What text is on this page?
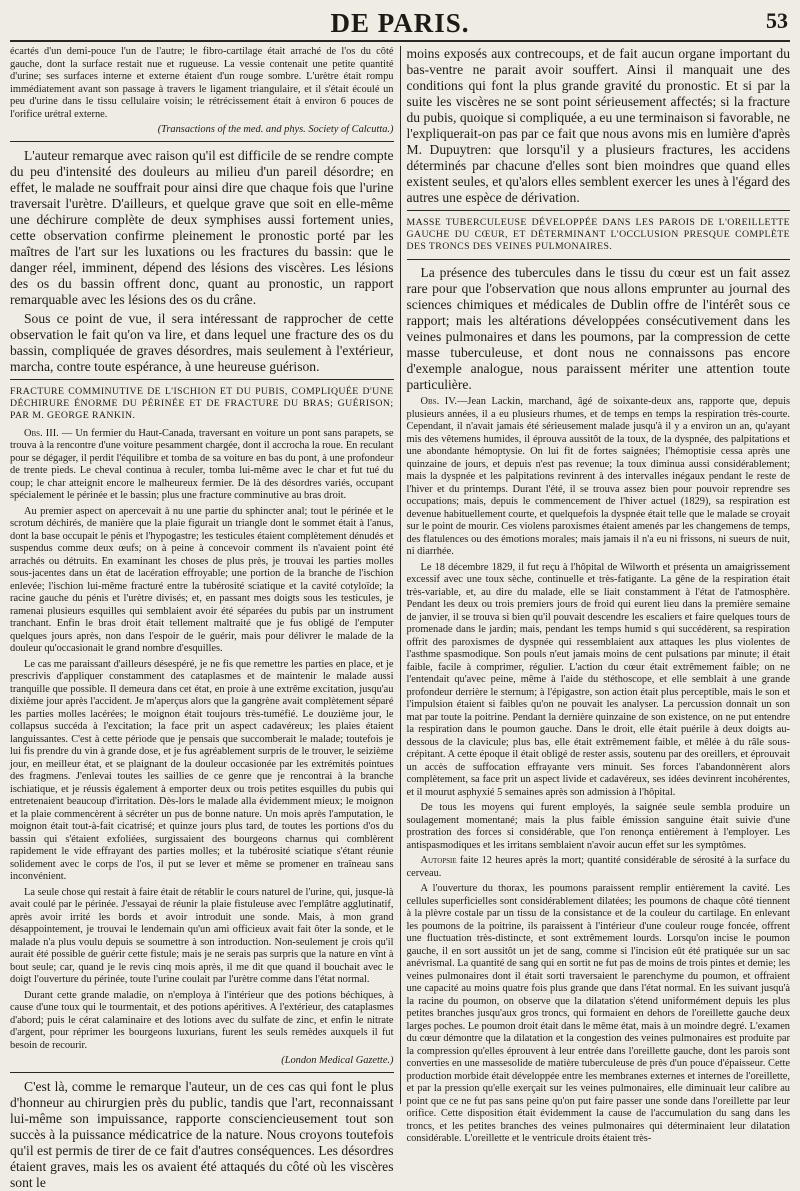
DE PARIS.	53

écartés d'un demi-pouce l'un de l'autre; le fibro-cartilage était arraché de l'os du côté gauche, dont la surface restait nue et rugueuse. La vessie contenait une petite quantité d'urine; ses surfaces interne et externe étaient d'un rouge sombre. L'urètre était rompu immédiatement avant son passage à travers le ligament triangulaire, et il s'était écoulé un peu d'urine dans le tissu cellulaire voisin; le rétrécissement était à environ 6 pouces de l'orifice urétral externe.

(Transactions of the med. and phys. Society of Calcutta.)

L'auteur remarque avec raison qu'il est difficile de se rendre compte du peu d'intensité des douleurs au milieu d'un pareil désordre; en effet, le malade ne souffrait pour ainsi dire que chaque fois que l'urine traversait l'urètre. D'ailleurs, et quelque grave que soit en elle-même une déchirure complète de deux symphises aussi fortement unies, cette observation confirme pleinement le pronostic porté par les maîtres de l'art sur les luxations ou les fractures du bassin: que le danger réel, imminent, dépend des lésions des viscères. Les lésions des os du bassin offrent donc, quant au pronostic, un rapport remarquable avec les lésions des os du crâne.

Sous ce point de vue, il sera intéressant de rapprocher de cette observation le fait qu'on va lire, et dans lequel une fracture des os du bassin, compliquée de graves désordres, mais seulement à l'extérieur, marcha, contre toute espérance, à une heureuse guérison.

FRACTURE COMMINUTIVE DE L'ISCHION ET DU PUBIS, COMPLIQUÉE D'UNE DÉCHIRURE ÉNORME DU PÉRINÉE ET DE FRACTURE DU BRAS; GUÉRISON; PAR M. GEORGE RANKIN.

Obs. III. — Un fermier du Haut-Canada, traversant en voiture un pont sans parapets, se trouva à la rencontre d'une voiture pesamment chargée, dont il accrocha la roue. En reculant pour se dégager, il perdit l'équilibre et tomba de sa voiture en bas du pont, à une profondeur de trente pieds. Le cheval continua à reculer, tomba lui-même avec le char et fut tué du coup; le char atteignit encore le malheureux fermier. De là des désordres variés, occupant spécialement le périnée et le bassin; plus une fracture comminutive au bras droit.

Au premier aspect on apercevait à nu une partie du sphincter anal; tout le périnée et le scrotum déchirés, de manière que la plaie figurait un triangle dont le sommet était à l'anus, dont la base occupait le pénis et l'hypogastre; les testicules étaient complètement dénudés et suspendus comme deux œufs; on à peine à concevoir comment ils n'avaient point été arrachés ou détruits. En examinant les choses de plus près, je trouvai les parties molles sous-jacentes dans un état de lacération effroyable; une portion de la branche de l'ischion enlevée; l'ischion lui-même fracturé entre la tubérosité sciatique et la cavité cotyloïde; la racine gauche du pénis et l'urètre divisés; et, en passant mes doigts sous les testicules, je ramenai plusieurs esquilles qui semblaient avoir été séparées du pubis par un instrument tranchant. Enfin le bras droit était tellement maltraité que je fus obligé de l'emputer quelques jours après, non dans l'espoir de le guérir, mais pour délivrer le malade de la douleur qu'occasionait le grand nombre d'esquilles.

Le cas me paraissant d'ailleurs désespéré, je ne fis que remettre les parties en place, et je prescrivis d'appliquer constamment des cataplasmes et de maintenir le malade aussi tranquille que possible. Il demeura dans cet état, en proie à une extrême excitation, jusqu'au dixième jour après l'accident. Je m'aperçus alors que la gangrène avait complètement séparé les parties molles lacérées; le moignon était toujours très-tuméfié. Le douzième jour, le collapsus succéda à l'excitation; la face prit un aspect cadavéreux; les plaies étaient languissantes. C'est à cette période que je pensais que succomberait le malade; toutefois je lui fis prendre du vin à grande dose, et je fus agréablement surpris de le trouver, le seizième jour, en meilleur état, et se plaignant de la douleur occasionée par les extrémités pointues des fragmens. J'enlevai toutes les saillies de ce genre que je rencontrai à la branche ischiatique, et je réussis également à emporter deux ou trois petites esquilles du pubis qui entretenaient beaucoup d'irritation. Dès-lors le malade alla évidemment mieux; le moignon et la plaie commencèrent à sécréter un pus de bonne nature. Un mois après l'amputation, le moignon était tout-à-fait cicatrisé; et quinze jours plus tard, de toutes les portions d'os du bassin qui s'étaient exfoliées, surgissaient des bourgeons charnus qui comblèrent rapidement le vide effrayant des parties molles; et la tubérosité sciatique s'étant réunie solidement avec le corps de l'os, il put se lever et même se promener en traîneau sans inconvénient.

La seule chose qui restait à faire était de rétablir le cours naturel de l'urine, qui, jusque-là avait coulé par le périnée. J'essayai de réunir la plaie fistuleuse avec l'emplâtre agglutinatif, après avoir irrité les bords et avoir introduit une sonde. Mais, à mon grand désappointement, je trouvai le lendemain qu'un ami officieux avait fait ôter la sonde, et le malade n'a plus voulu depuis se soumettre à son introduction. Non-seulement je crois qu'il aurait été possible de guérir cette fistule; mais je ne serais pas surpris que la nature en vînt à bout seule; car, quand je le revis cinq mois après, il me dit que quand il bouchait avec le doigt l'ouverture du périnée, toute l'urine coulait par l'urètre comme dans l'état normal.

Durant cette grande maladie, on n'employa à l'intérieur que des potions béchiques, à cause d'une toux qui le tourmentait, et des potions apéritives. A l'extérieur, des cataplasmes d'abord; puis le cérat calaminaire et des lotions avec du sulfate de zinc, et enfin le nitrate d'argent, pour réprimer les bourgeons luxurians, furent les seuls remèdes auxquels il fut besoin de recourir.

(London Medical Gazette.)

C'est là, comme le remarque l'auteur, un de ces cas qui font le plus d'honneur au chirurgien près du public, tandis que l'art, reconnaissant lui-même son impuissance, rapporte consciencieusement tout son succès à la puissance médicatrice de la nature. Nous croyons toutefois qu'il est permis de tirer de ce fait d'autres conséquences. Les désordres étaient graves, mais les os avaient été attaqués du côté où les viscères sont le

moins exposés aux contrecoups, et de fait aucun organe important du bas-ventre ne parait avoir souffert. Ainsi il manquait une des conditions qui font la plus grande gravité du pronostic. Et si par la suite les viscères ne se sont point sérieusement affectés; si la fracture du pubis, quoique si compliquée, a eu une terminaison si favorable, ne l'expliquerait-on pas par ce fait que nous avons mis en lumière d'après M. Dupuytren: que lorsqu'il y a plusieurs fractures, les accidens déterminés par chacune d'elles sont bien moindres que quand elles existent seules, et qu'alors elles semblent exercer les unes à l'égard des autres une espèce de dérivation.

MASSE TUBERCULEUSE DÉVELOPPÉE DANS LES PAROIS DE L'OREILLETTE GAUCHE DU CŒUR, ET DÉTERMINANT L'OCCLUSION PRESQUE COMPLÈTE DES TRONCS DES VEINES PULMONAIRES.

La présence des tubercules dans le tissu du cœur est un fait assez rare pour que l'observation que nous allons emprunter au journal des sciences chimiques et médicales de Dublin offre de l'intérêt sous ce rapport; mais les altérations développées consécutivement dans les veines pulmonaires et dans les poumons, par la compression de cette masse tuberculeuse, et dont nous ne connaissons pas encore d'exemple analogue, nous paraissent mériter une attention toute particulière.

Obs. IV.—Jean Lackin, marchand, âgé de soixante-deux ans, rapporte que, depuis plusieurs années, il a eu plusieurs rhumes, et de temps en temps la respiration très-courte. Cependant, il n'avait jamais été sérieusement malade jusqu'à il y a environ un an, qu'ayant mis des vêtemens humides, il éprouva aussitôt de la toux, de la dyspnée, des palpitations et une abondante hémoptysie. On lui fit de fortes saignées; l'hémoptisie cessa après une quinzaine de jours, et depuis n'est pas revenue; la toux diminua aussi considérablement; mais la dyspnée et les palpitations revinrent à des intervalles inégaux pendant le reste de l'hiver et du printemps. Durant l'été, il se trouva assez bien pour pouvoir reprendre ses occupations; mais, depuis le commencement de l'hiver actuel (1829), sa respiration est devenue habituellement courte, et quelquefois la dyspnée était telle que le malade se croyait sur le point de mourir. Ces violens paroxismes étaient amenés par les changemens de temps, des flatulences ou des émotions morales; mais jamais il n'a eu ni frissons, ni sueurs de nuit, ni diarrhée.

Le 18 décembre 1829, il fut reçu à l'hôpital de Wilworth et présenta un amaigrissement excessif avec une toux sèche, continuelle et très-fatigante. La gêne de la respiration était très-variable, et, au dire du malade, elle se liait constamment à l'état de l'atmosphère. Pendant les deux ou trois premiers jours de froid qui eurent lieu dans la première semaine de janvier, il se trouva si bien qu'il pouvait descendre les escaliers et faire quelques tours de promenade dans le jardin; mais, pendant les temps humid s qui succédèrent, sa respiration offrit des paroxismes de dyspnée qui ressemblaient aux attaques les plus violentes de l'asthme spasmodique. Son pouls n'eut jamais moins de cent pulsations par minute; il était faible, facile à comprimer, régulier. L'action du cœur était extrêmement faible; on ne l'entendait qu'avec peine, même à l'aide du stéthoscope, et elle semblait à une grande profondeur derrière le sternum; à l'épigastre, son action était plus perceptible, mais le son et l'impulsion étaient si faibles qu'on ne pouvait les analyser. La percussion donnait un son mat par toute la poitrine. Pendant la dernière quinzaine de son existence, on ne put entendre la respiration dans le poumon gauche. Dans le droit, elle était puérile à deux doigts au-dessous de la clavicule; plus bas, elle était extrêmement faible, et mêlée à du râle sous-crépitant. A cette époque il était obligé de rester assis, soutenu par des oreillers, et éprouvait un accès de suffocation effrayante vers minuit. Ses forces l'abandonnèrent alors complètement, sa face prit un aspect livide et cadavéreux, ses idées devinrent incohérentes, et il mourut asphyxié 5 semaines après son admission à l'hôpital.

De tous les moyens qui furent employés, la saignée seule sembla produire un soulagement momentané; mais la plus faible émission sanguine était suivie d'une prostration des forces si considérable, que l'on renonça entièrement à l'employer. Les antispasmodiques et les irritans semblaient n'avoir aucun effet sur les symptômes.

Autopsie faite 12 heures après la mort; quantité considérable de sérosité à la surface du cerveau.

A l'ouverture du thorax, les poumons paraissent remplir entièrement la cavité. Les cellules superficielles sont considérablement dilatées; les poumons de chaque côté tiennent à la plèvre costale par un tissu de la consistance et de la couleur du cartilage. En enlevant les poumons de la poitrine, ils paraissent à l'intérieur d'une couleur rouge foncée, offrent une fluctuation très-distincte, et sont extrêmement lourds. Lorsqu'on incise le poumon gauche, il en sort aussitôt un jet de sang, comme si l'incision eût été pratiquée sur un sac anévrismal. La quantité de sang qui en sortit ne fut pas de moins de trois pintes et demie; les veines pulmonaires dont il était sorti traversaient le parenchyme du poumon, et offraient une capacité au moins quatre fois plus grande que dans l'état normal. En les suivant jusqu'à la racine du poumon, on observe que la dilatation s'étend uniformément depuis les plus petites branches jusqu'aux gros troncs, qui formaient en dehors de l'oreillette gauche deux larges poches. Le poumon droit était dans le même état, mais à un moindre degré. L'examen du cœur démontre que la dilatation et la congestion des veines pulmonaires est produite par la compression qu'elles éprouvent à leur entrée dans l'oreillette gauche, dont les parois sont converties en une massesolide de matière tuberculeuse de près d'un pouce d'épaisseur. Cette production morbide était développée entre les membranes externes et internes de l'oreillette, et par la pression qu'elle exerçait sur les veines pulmonaires, elle diminuait leur calibre au point que ce ne fut pas sans peine qu'on put faire passer une sonde dans l'oreillette par leur orifice. Cette disposition était évidemment la cause de l'accumulation du sang dans les troncs, et les petites branches des veines pulmonaires qui déterminaient leur dilatation considérable. L'oreillette et le ventricule droits étaient très-
